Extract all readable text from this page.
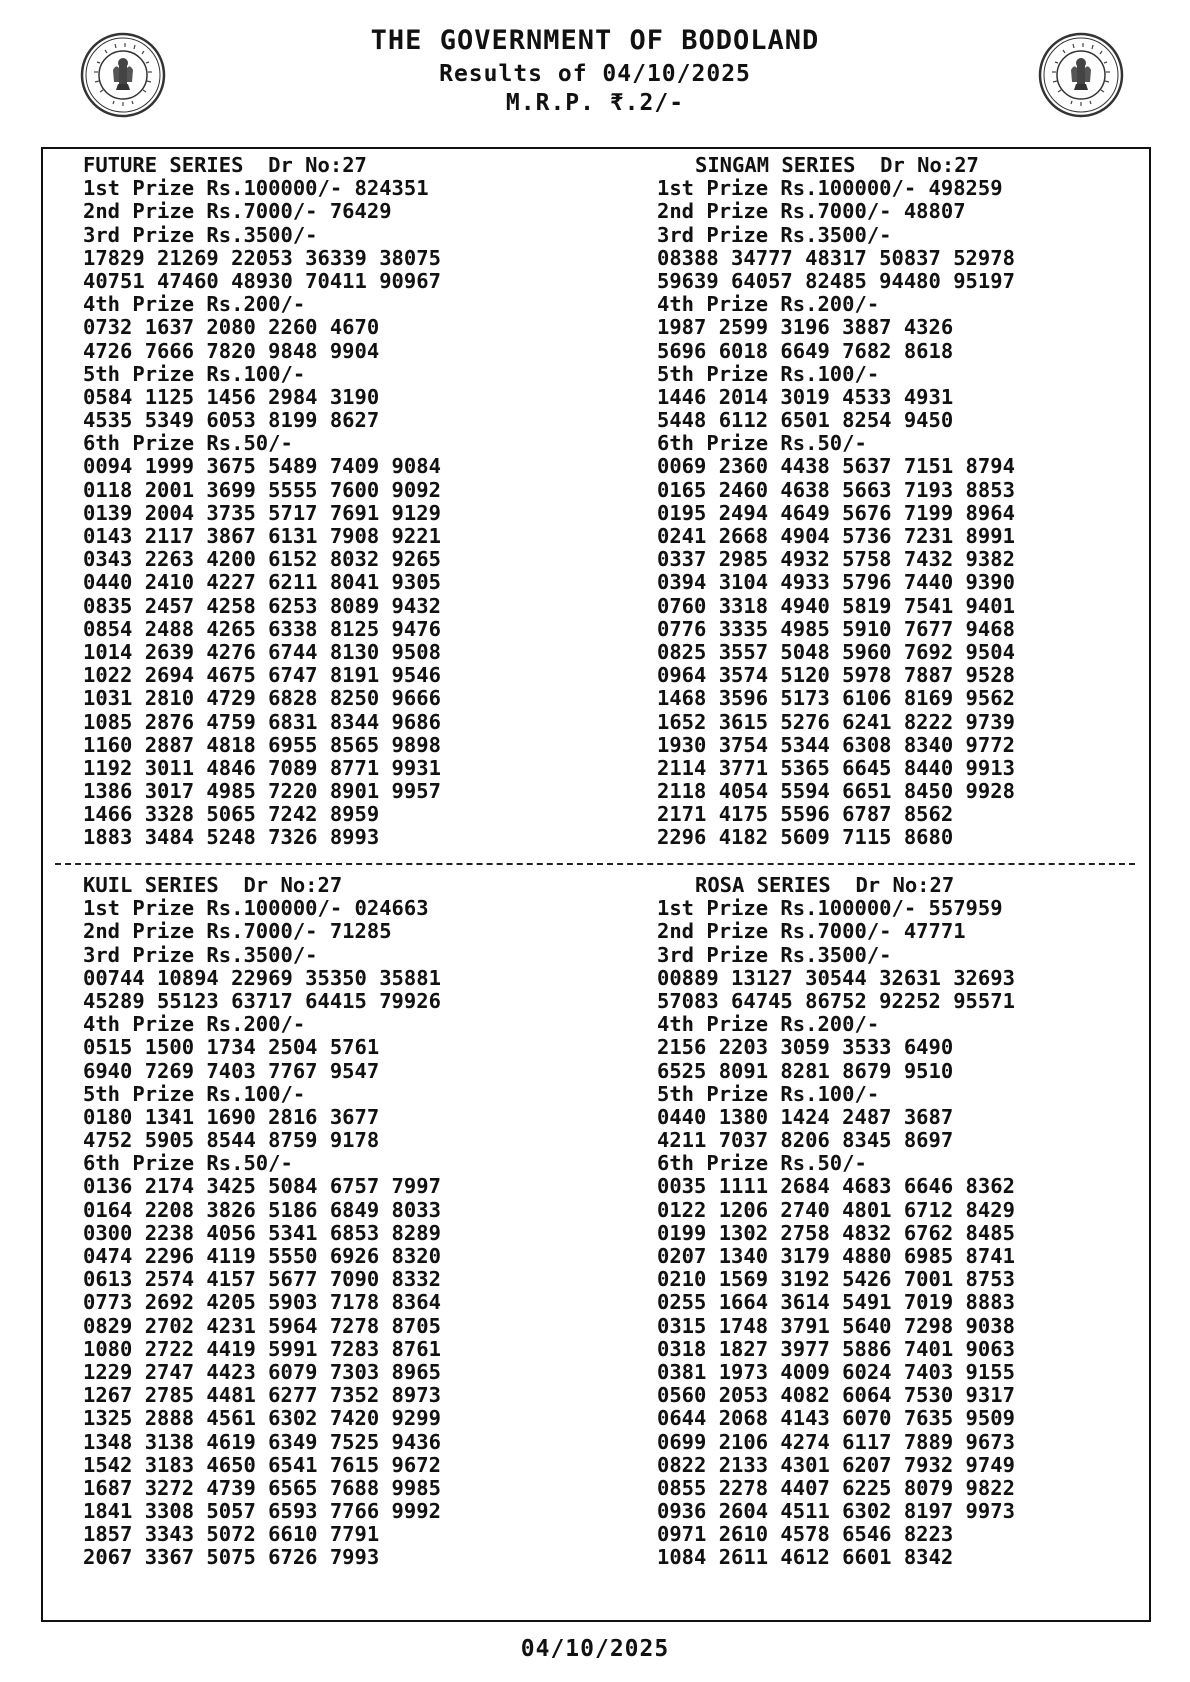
THE GOVERNMENT OF BODOLAND
Results of 04/10/2025
M.R.P. ₹.2/-
FUTURE SERIES Dr No:27
1st Prize Rs.100000/- 824351
2nd Prize Rs.7000/- 76429
3rd Prize Rs.3500/-
17829 21269 22053 36339 38075
40751 47460 48930 70411 90967
4th Prize Rs.200/-
0732 1637 2080 2260 4670
4726 7666 7820 9848 9904
5th Prize Rs.100/-
0584 1125 1456 2984 3190
4535 5349 6053 8199 8627
6th Prize Rs.50/-
0094 1999 3675 5489 7409 9084
0118 2001 3699 5555 7600 9092
0139 2004 3735 5717 7691 9129
0143 2117 3867 6131 7908 9221
0343 2263 4200 6152 8032 9265
0440 2410 4227 6211 8041 9305
0835 2457 4258 6253 8089 9432
0854 2488 4265 6338 8125 9476
1014 2639 4276 6744 8130 9508
1022 2694 4675 6747 8191 9546
1031 2810 4729 6828 8250 9666
1085 2876 4759 6831 8344 9686
1160 2887 4818 6955 8565 9898
1192 3011 4846 7089 8771 9931
1386 3017 4985 7220 8901 9957
1466 3328 5065 7242 8959
1883 3484 5248 7326 8993
SINGAM SERIES Dr No:27
1st Prize Rs.100000/- 498259
2nd Prize Rs.7000/- 48807
3rd Prize Rs.3500/-
08388 34777 48317 50837 52978
59639 64057 82485 94480 95197
4th Prize Rs.200/-
1987 2599 3196 3887 4326
5696 6018 6649 7682 8618
5th Prize Rs.100/-
1446 2014 3019 4533 4931
5448 6112 6501 8254 9450
6th Prize Rs.50/-
0069 2360 4438 5637 7151 8794
0165 2460 4638 5663 7193 8853
0195 2494 4649 5676 7199 8964
0241 2668 4904 5736 7231 8991
0337 2985 4932 5758 7432 9382
0394 3104 4933 5796 7440 9390
0760 3318 4940 5819 7541 9401
0776 3335 4985 5910 7677 9468
0825 3557 5048 5960 7692 9504
0964 3574 5120 5978 7887 9528
1468 3596 5173 6106 8169 9562
1652 3615 5276 6241 8222 9739
1930 3754 5344 6308 8340 9772
2114 3771 5365 6645 8440 9913
2118 4054 5594 6651 8450 9928
2171 4175 5596 6787 8562
2296 4182 5609 7115 8680
KUIL SERIES Dr No:27
1st Prize Rs.100000/- 024663
2nd Prize Rs.7000/- 71285
3rd Prize Rs.3500/-
00744 10894 22969 35350 35881
45289 55123 63717 64415 79926
4th Prize Rs.200/-
0515 1500 1734 2504 5761
6940 7269 7403 7767 9547
5th Prize Rs.100/-
0180 1341 1690 2816 3677
4752 5905 8544 8759 9178
6th Prize Rs.50/-
0136 2174 3425 5084 6757 7997
0164 2208 3826 5186 6849 8033
0300 2238 4056 5341 6853 8289
0474 2296 4119 5550 6926 8320
0613 2574 4157 5677 7090 8332
0773 2692 4205 5903 7178 8364
0829 2702 4231 5964 7278 8705
1080 2722 4419 5991 7283 8761
1229 2747 4423 6079 7303 8965
1267 2785 4481 6277 7352 8973
1325 2888 4561 6302 7420 9299
1348 3138 4619 6349 7525 9436
1542 3183 4650 6541 7615 9672
1687 3272 4739 6565 7688 9985
1841 3308 5057 6593 7766 9992
1857 3343 5072 6610 7791
2067 3367 5075 6726 7993
ROSA SERIES Dr No:27
1st Prize Rs.100000/- 557959
2nd Prize Rs.7000/- 47771
3rd Prize Rs.3500/-
00889 13127 30544 32631 32693
57083 64745 86752 92252 95571
4th Prize Rs.200/-
2156 2203 3059 3533 6490
6525 8091 8281 8679 9510
5th Prize Rs.100/-
0440 1380 1424 2487 3687
4211 7037 8206 8345 8697
6th Prize Rs.50/-
0035 1111 2684 4683 6646 8362
0122 1206 2740 4801 6712 8429
0199 1302 2758 4832 6762 8485
0207 1340 3179 4880 6985 8741
0210 1569 3192 5426 7001 8753
0255 1664 3614 5491 7019 8883
0315 1748 3791 5640 7298 9038
0318 1827 3977 5886 7401 9063
0381 1973 4009 6024 7403 9155
0560 2053 4082 6064 7530 9317
0644 2068 4143 6070 7635 9509
0699 2106 4274 6117 7889 9673
0822 2133 4301 6207 7932 9749
0855 2278 4407 6225 8079 9822
0936 2604 4511 6302 8197 9973
0971 2610 4578 6546 8223
1084 2611 4612 6601 8342
04/10/2025
